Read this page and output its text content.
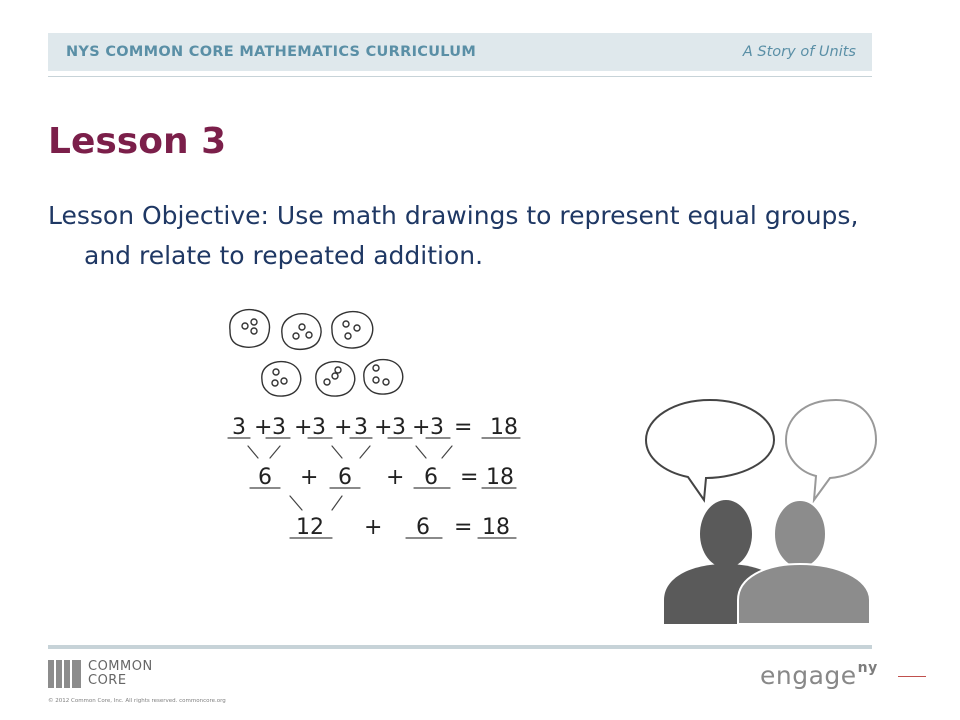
NYS COMMON CORE MATHEMATICS CURRICULUM	A Story of Units
Lesson 3

Lesson Objective: Use math drawings to represent equal groups, and relate to repeated addition.

3 + 3 + 3 + 3 + 3 + 3 = 18
6 + 6 + 6 = 18
12 + 6 = 18
COMMON
CORE
© 2012 Common Core, Inc. All rights reserved. commoncore.org
engage$^{ny}$
